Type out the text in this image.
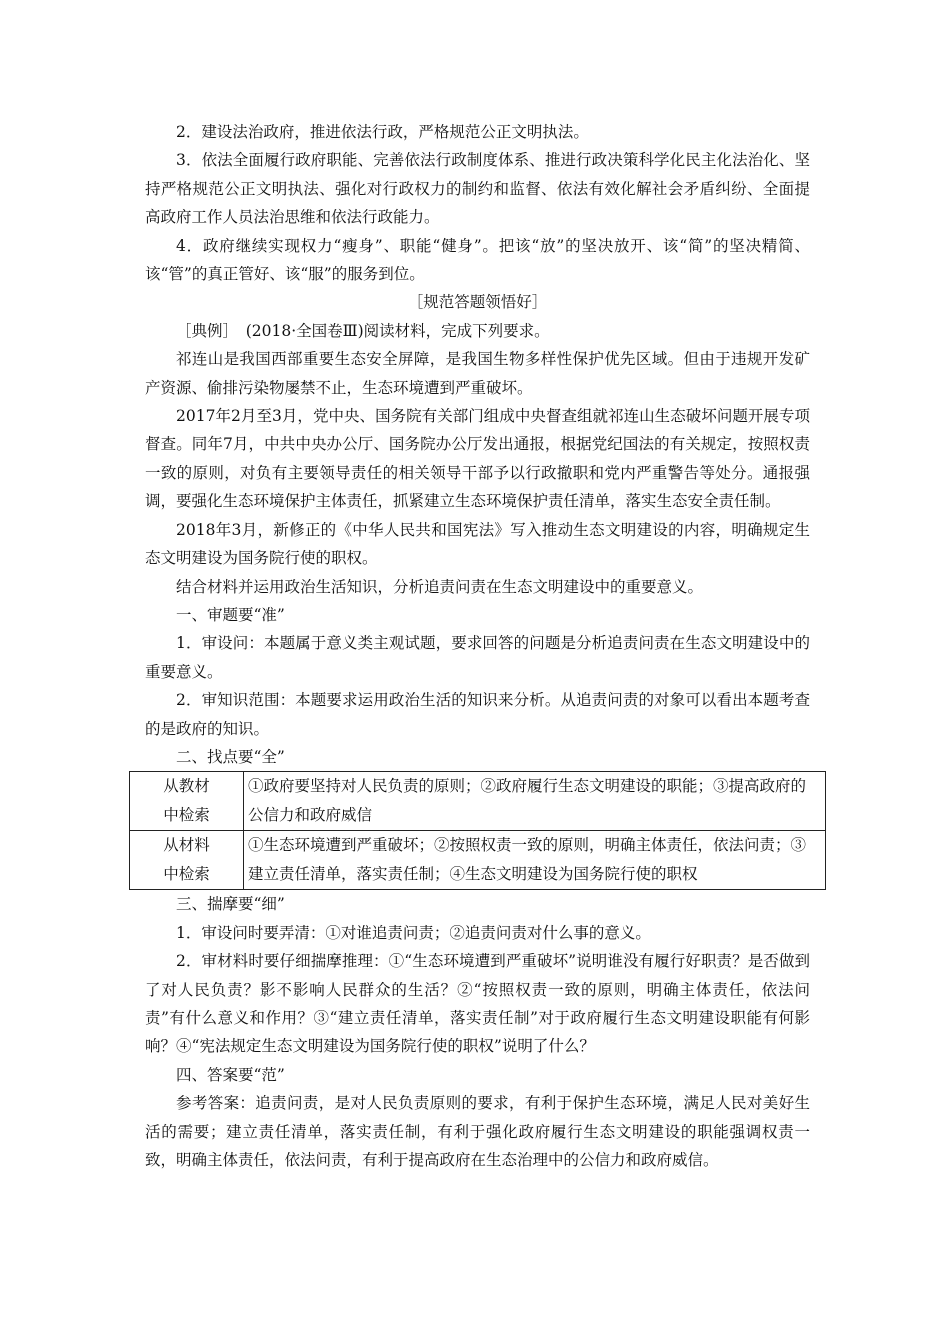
2．建设法治政府，推进依法行政，严格规范公正文明执法。

3．依法全面履行政府职能、完善依法行政制度体系、推进行政决策科学化民主化法治化、坚持严格规范公正文明执法、强化对行政权力的制约和监督、依法有效化解社会矛盾纠纷、全面提高政府工作人员法治思维和依法行政能力。

4．政府继续实现权力“瘦身”、职能“健身”。把该“放”的坚决放开、该“简”的坚决精简、该“管”的真正管好、该“服”的服务到位。

［规范答题领悟好］

［典例］　(2018·全国卷Ⅲ)阅读材料，完成下列要求。

祁连山是我国西部重要生态安全屏障，是我国生物多样性保护优先区域。但由于违规开发矿产资源、偷排污染物屡禁不止，生态环境遭到严重破坏。

2017年2月至3月，党中央、国务院有关部门组成中央督查组就祁连山生态破坏问题开展专项督查。同年7月，中共中央办公厅、国务院办公厅发出通报，根据党纪国法的有关规定，按照权责一致的原则，对负有主要领导责任的相关领导干部予以行政撤职和党内严重警告等处分。通报强调，要强化生态环境保护主体责任，抓紧建立生态环境保护责任清单，落实生态安全责任制。

2018年3月，新修正的《中华人民共和国宪法》写入推动生态文明建设的内容，明确规定生态文明建设为国务院行使的职权。

结合材料并运用政治生活知识，分析追责问责在生态文明建设中的重要意义。

一、审题要“准”

1．审设问：本题属于意义类主观试题，要求回答的问题是分析追责问责在生态文明建设中的重要意义。

2．审知识范围：本题要求运用政治生活的知识来分析。从追责问责的对象可以看出本题考查的是政府的知识。

二、找点要“全”

从教材
中检索	①政府要坚持对人民负责的原则；②政府履行生态文明建设的职能；③提高政府的公信力和政府威信
从材料
中检索	①生态环境遭到严重破坏；②按照权责一致的原则，明确主体责任，依法问责；③建立责任清单，落实责任制；④生态文明建设为国务院行使的职权

三、揣摩要“细”

1．审设问时要弄清：①对谁追责问责；②追责问责对什么事的意义。

2．审材料时要仔细揣摩推理：①“生态环境遭到严重破坏”说明谁没有履行好职责？是否做到了对人民负责？影不影响人民群众的生活？②“按照权责一致的原则，明确主体责任，依法问责”有什么意义和作用？③“建立责任清单，落实责任制”对于政府履行生态文明建设职能有何影响？④“宪法规定生态文明建设为国务院行使的职权”说明了什么？

四、答案要“范”

参考答案：追责问责，是对人民负责原则的要求，有利于保护生态环境，满足人民对美好生活的需要；建立责任清单，落实责任制，有利于强化政府履行生态文明建设的职能强调权责一致，明确主体责任，依法问责，有利于提高政府在生态治理中的公信力和政府威信。
